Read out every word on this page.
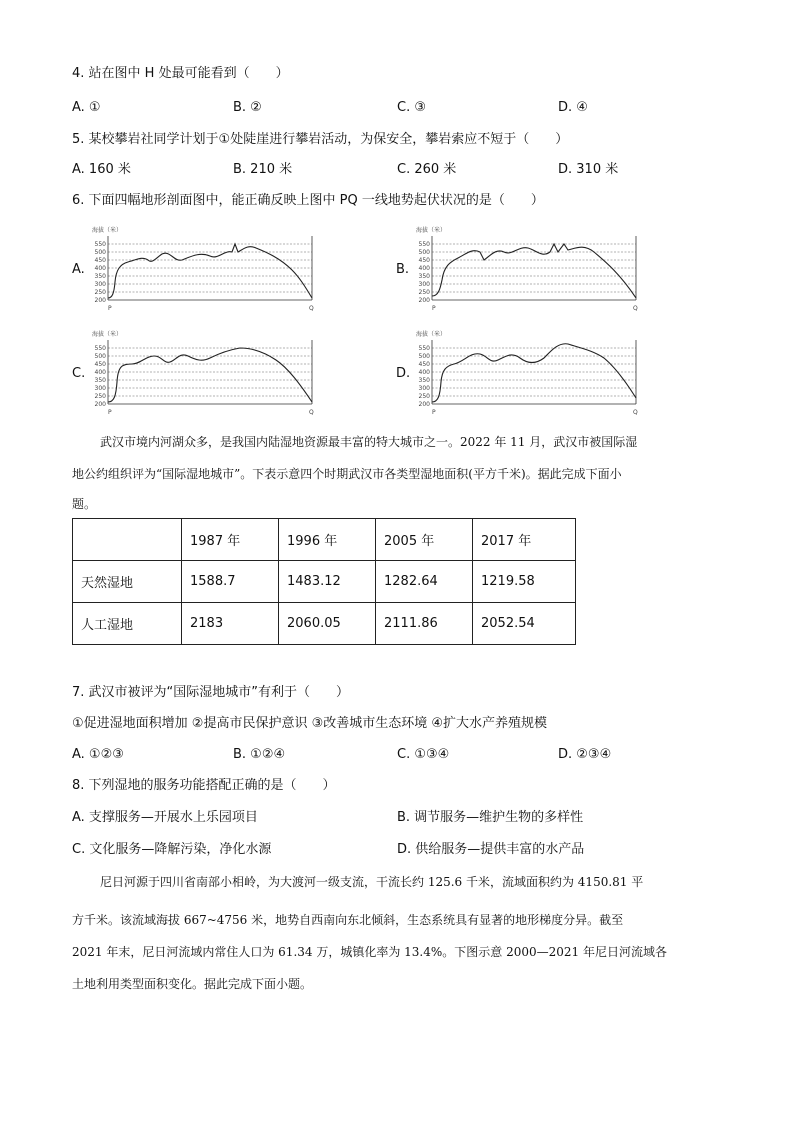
4. 站在图中 H 处最可能看到（　　）
A. ①	B. ②	C. ③	D. ④
5. 某校攀岩社同学计划于①处陡崖进行攀岩活动，为保安全，攀岩索应不短于（　　）
A. 160 米	B. 210 米	C. 260 米	D. 310 米
6. 下面四幅地形剖面图中，能正确反映上图中 PQ 一线地势起伏状况的是（　　）
A.
海拔（米）
550
500
450
400
350
300
250
200
P	Q
B.
海拔（米）
550
500
450
400
350
300
250
200
P	Q
C.
海拔（米）
550
500
450
400
350
300
250
200
P	Q
D.
海拔（米）
550
500
450
400
350
300
250
200
P	Q
武汉市境内河湖众多，是我国内陆湿地资源最丰富的特大城市之一。2022 年 11 月，武汉市被国际湿
地公约组织评为“国际湿地城市”。下表示意四个时期武汉市各类型湿地面积(平方千米)。据此完成下面小
题。
	1987 年	1996 年	2005 年	2017 年
天然湿地	1588.7	1483.12	1282.64	1219.58
人工湿地	2183	2060.05	2111.86	2052.54
7. 武汉市被评为“国际湿地城市”有利于（　　）
①促进湿地面积增加 ②提高市民保护意识 ③改善城市生态环境 ④扩大水产养殖规模
A. ①②③	B. ①②④	C. ①③④	D. ②③④
8. 下列湿地的服务功能搭配正确的是（　　）
A. 支撑服务—开展水上乐园项目	B. 调节服务—维护生物的多样性
C. 文化服务—降解污染，净化水源	D. 供给服务—提供丰富的水产品
尼日河源于四川省南部小相岭，为大渡河一级支流，干流长约 125.6 千米，流域面积约为 4150.81 平
方千米。该流域海拔 667~4756 米，地势自西南向东北倾斜，生态系统具有显著的地形梯度分异。截至
2021 年末，尼日河流域内常住人口为 61.34 万，城镇化率为 13.4%。下图示意 2000—2021 年尼日河流域各
土地利用类型面积变化。据此完成下面小题。
